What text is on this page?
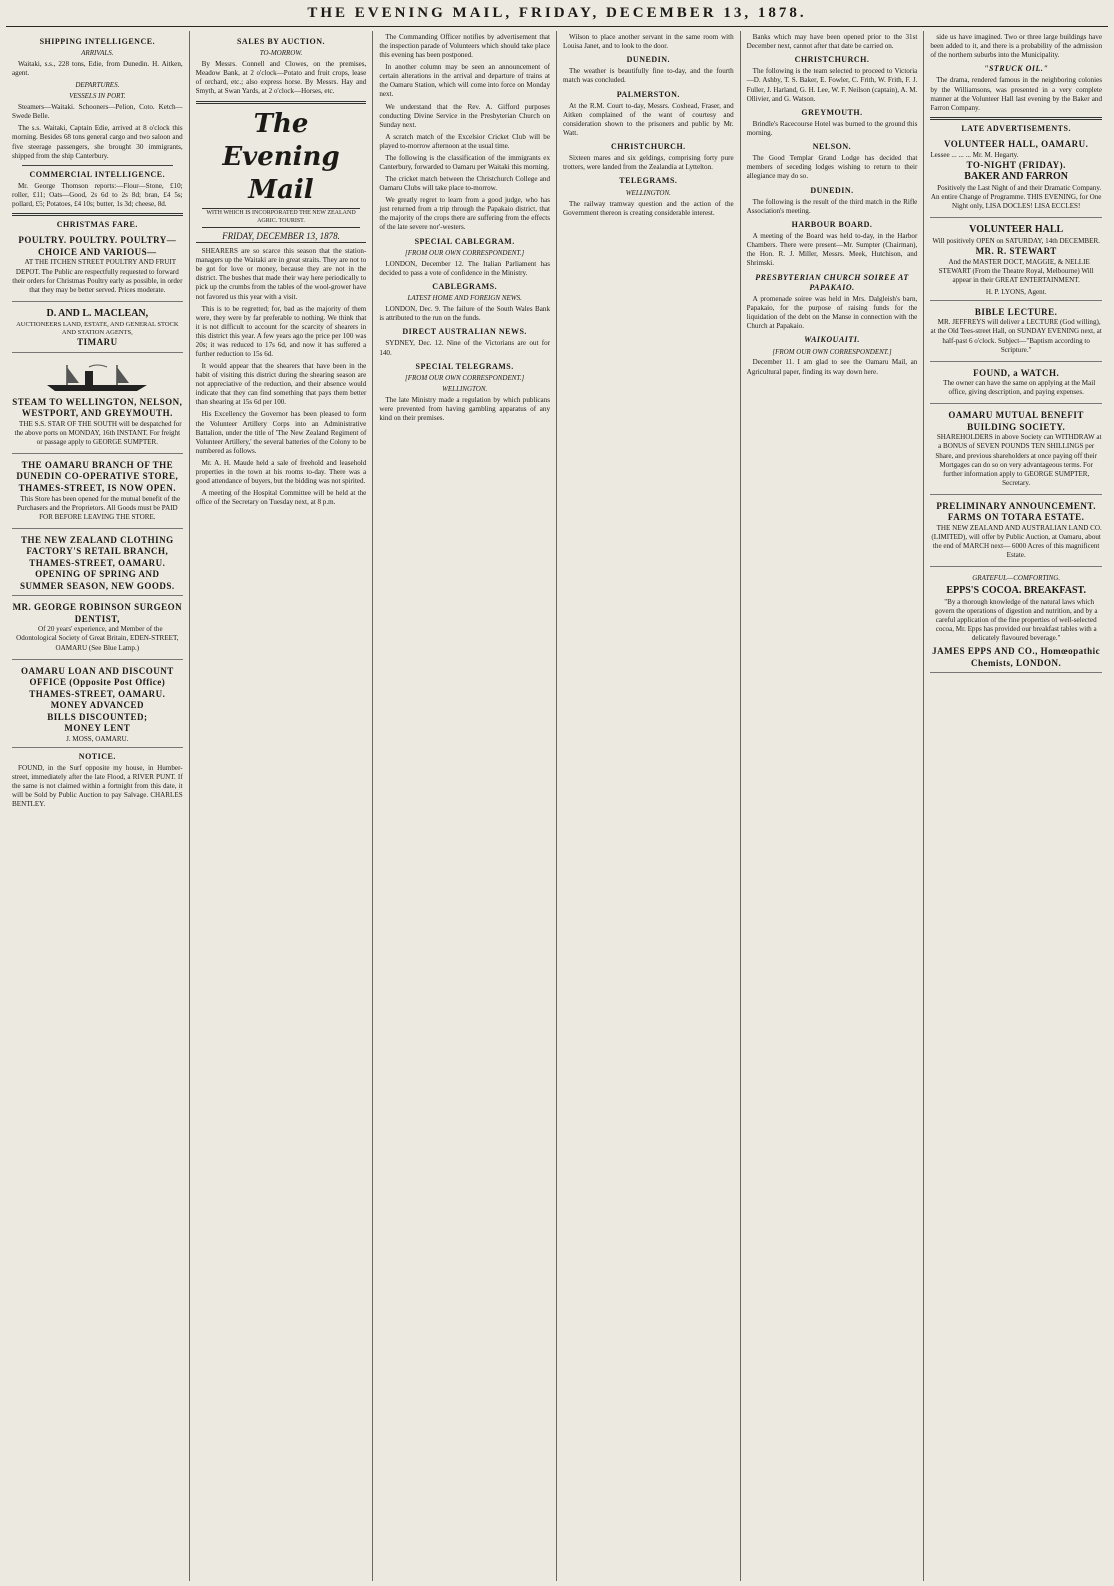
THE EVENING MAIL, FRIDAY, DECEMBER 13, 1878.
SHIPPING INTELLIGENCE.
ARRIVALS.

Waitaki, s.s., 228 tons, Edie, from Dunedin. H. Aitken, agent.

DEPARTURES.
VESSELS IN PORT.

Steamers—Waitaki. Schooners—Pelion, Coto. Ketch—Swede Belle.

The s.s. Waitaki, Captain Edie, arrived at 8 o'clock this morning. Besides 68 tons general cargo and two saloon and five steerage passengers, she brought 30 immigrants, shipped from the ship Canterbury.

COMMERCIAL INTELLIGENCE.

Mr. George Thomson reports:—Flour—Stone, £10; roller, £11; Oats—Good, 2s 6d to 2s 8d; bran, £4 5s; pollard, £5; Potatoes, £4 10s; butter, 1s 3d; cheese, 8d.

CHRISTMAS FARE.
POULTRY. POULTRY. POULTRY— CHOICE AND VARIOUS—

AT THE ITCHEN STREET POULTRY AND FRUIT DEPOT. The Public are respectfully requested to forward their orders for Christmas Poultry early as possible, in order that they may be better served. Prices moderate.

D. AND L. MACLEAN,
AUCTIONEERS LAND, ESTATE, AND GENERAL STOCK AND STATION AGENTS,
TIMARU
STEAM TO WELLINGTON, NELSON, WESTPORT, AND GREYMOUTH.

THE S.S. STAR OF THE SOUTH will be despatched for the above ports on MONDAY, 16th INSTANT. For freight or passage apply to GEORGE SUMPTER.

THE OAMARU BRANCH OF THE DUNEDIN CO-OPERATIVE STORE, THAMES-STREET, IS NOW OPEN.

This Store has been opened for the mutual benefit of the Purchasers and the Proprietors. All Goods must be PAID FOR BEFORE LEAVING THE STORE.

THE NEW ZEALAND CLOTHING FACTORY'S RETAIL BRANCH, THAMES-STREET, OAMARU.
OPENING OF SPRING AND SUMMER SEASON, NEW GOODS.
MR. GEORGE ROBINSON SURGEON DENTIST,

Of 20 years' experience, and Member of the Odontological Society of Great Britain, EDEN-STREET, OAMARU (See Blue Lamp.)

OAMARU LOAN AND DISCOUNT OFFICE (Opposite Post Office) THAMES-STREET, OAMARU.
MONEY ADVANCED
BILLS DISCOUNTED;
MONEY LENT
J. MOSS, OAMARU.
NOTICE.

FOUND, in the Surf opposite my house, in Humber-street, immediately after the late Flood, a RIVER PUNT. If the same is not claimed within a fortnight from this date, it will be Sold by Public Auction to pay Salvage. CHARLES BENTLEY.

SALES BY AUCTION.
TO-MORROW.

By Messrs. Connell and Clowes, on the premises, Meadow Bank, at 2 o'clock—Potato and fruit crops, lease of orchard, etc.; also express horse. By Messrs. Hay and Smyth, at Swan Yards, at 2 o'clock—Horses, etc.

The Evening Mail
WITH WHICH IS INCORPORATED THE NEW ZEALAND AGRIC. TOURIST.
FRIDAY, DECEMBER 13, 1878.

SHEARERS are so scarce this season that the station-managers up the Waitaki are in great straits. They are not to be got for love or money, because they are not in the district. The bushes that made their way here periodically to pick up the crumbs from the tables of the wool-grower have not favored us this year with a visit.

This is to be regretted; for, bad as the majority of them were, they were by far preferable to nothing. We think that it is not difficult to account for the scarcity of shearers in this district this year. A few years ago the price per 100 was 20s; it was reduced to 17s 6d, and now it has suffered a further reduction to 15s 6d.

It would appear that the shearers that have been in the habit of visiting this district during the shearing season are not appreciative of the reduction, and their absence would indicate that they can find something that pays them better than shearing at 15s 6d per 100.

His Excellency the Governor has been pleased to form the Volunteer Artillery Corps into an Administrative Battalion, under the title of 'The New Zealand Regiment of Volunteer Artillery,' the several batteries of the Colony to be numbered as follows.

Mr. A. H. Maude held a sale of freehold and leasehold properties in the town at his rooms to-day. There was a good attendance of buyers, but the bidding was not spirited.

A meeting of the Hospital Committee will be held at the office of the Secretary on Tuesday next, at 8 p.m.

The Commanding Officer notifies by advertisement that the inspection parade of Volunteers which should take place this evening has been postponed.

In another column may be seen an announcement of certain alterations in the arrival and departure of trains at the Oamaru Station, which will come into force on Monday next.

We understand that the Rev. A. Gifford purposes conducting Divine Service in the Presbyterian Church on Sunday next.

A scratch match of the Excelsior Cricket Club will be played to-morrow afternoon at the usual time.

The following is the classification of the immigrants ex Canterbury, forwarded to Oamaru per Waitaki this morning.

The cricket match between the Christchurch College and Oamaru Clubs will take place to-morrow.

We greatly regret to learn from a good judge, who has just returned from a trip through the Papakaio district, that the majority of the crops there are suffering from the effects of the late severe nor'-westers.

SPECIAL CABLEGRAM.
[FROM OUR OWN CORRESPONDENT.]

LONDON, December 12. The Italian Parliament has decided to pass a vote of confidence in the Ministry.

CABLEGRAMS.
LATEST HOME AND FOREIGN NEWS.

LONDON, Dec. 9. The failure of the South Wales Bank is attributed to the run on the funds.

DIRECT AUSTRALIAN NEWS.

SYDNEY, Dec. 12. Nine of the Victorians are out for 140.

SPECIAL TELEGRAMS.
[FROM OUR OWN CORRESPONDENT.]
WELLINGTON.

The late Ministry made a regulation by which publicans were prevented from having gambling apparatus of any kind on their premises.

Wilson to place another servant in the same room with Louisa Janet, and to look to the door.

DUNEDIN.

The weather is beautifully fine to-day, and the fourth match was concluded.

PALMERSTON.

At the R.M. Court to-day, Messrs. Coxhead, Fraser, and Aitken complained of the want of courtesy and consideration shown to the prisoners and public by Mr. Watt.

CHRISTCHURCH.

Sixteen mares and six geldings, comprising forty pure trotters, were landed from the Zealandia at Lyttelton.

TELEGRAMS.
WELLINGTON.

The railway tramway question and the action of the Government thereon is creating considerable interest.

Banks which may have been opened prior to the 31st December next, cannot after that date be carried on.

CHRISTCHURCH.

The following is the team selected to proceed to Victoria—D. Ashby, T. S. Baker, E. Fowler, C. Frith, W. Frith, F. J. Fuller, J. Harland, G. H. Lee, W. F. Neilson (captain), A. M. Ollivier, and G. Watson.

GREYMOUTH.

Brindle's Racecourse Hotel was burned to the ground this morning.

NELSON.

The Good Templar Grand Lodge has decided that members of seceding lodges wishing to return to their allegiance may do so.

DUNEDIN.

The following is the result of the third match in the Rifle Association's meeting.

HARBOUR BOARD.

A meeting of the Board was held to-day, in the Harbor Chambers. There were present—Mr. Sumpter (Chairman), the Hon. R. J. Miller, Messrs. Meek, Hutchison, and Shrimski.

PRESBYTERIAN CHURCH SOIREE AT PAPAKAIO.

A promenade soiree was held in Mrs. Dalgleish's barn, Papakaio, for the purpose of raising funds for the liquidation of the debt on the Manse in connection with the Church at Papakaio.

WAIKOUAITI.
[FROM OUR OWN CORRESPONDENT.]

December 11. I am glad to see the Oamaru Mail, an Agricultural paper, finding its way down here.

side us have imagined. Two or three large buildings have been added to it, and there is a probability of the admission of the northern suburbs into the Municipality.

"STRUCK OIL."

The drama, rendered famous in the neighboring colonies by the Williamsons, was presented in a very complete manner at the Volunteer Hall last evening by the Baker and Farron Company.

LATE ADVERTISEMENTS.
VOLUNTEER HALL, OAMARU.
Lessee ... ... ... Mr. M. Hegarty.
TO-NIGHT (FRIDAY).
BAKER AND FARRON

Positively the Last Night of and their Dramatic Company. An entire Change of Programme. THIS EVENING, for One Night only, LISA DOCLES! LISA ECCLES!

VOLUNTEER HALL
Will positively OPEN on SATURDAY, 14th DECEMBER.
MR. R. STEWART

And the MASTER DOCT, MAGGIE, & NELLIE STEWART (From the Theatre Royal, Melbourne) Will appear in their GREAT ENTERTAINMENT.

H. P. LYONS, Agent.
BIBLE LECTURE.

MR. JEFFREYS will deliver a LECTURE (God willing), at the Old Tees-street Hall, on SUNDAY EVENING next, at half-past 6 o'clock. Subject—"Baptism according to Scripture."

FOUND, a WATCH.

The owner can have the same on applying at the Mail office, giving description, and paying expenses.

OAMARU MUTUAL BENEFIT BUILDING SOCIETY.

SHAREHOLDERS in above Society can WITHDRAW at a BONUS of SEVEN POUNDS TEN SHILLINGS per Share, and previous shareholders at once paying off their Mortgages can do so on very advantageous terms. For further information apply to GEORGE SUMPTER, Secretary.

PRELIMINARY ANNOUNCEMENT.
FARMS ON TOTARA ESTATE.

THE NEW ZEALAND AND AUSTRALIAN LAND CO. (LIMITED), will offer by Public Auction, at Oamaru, about the end of MARCH next— 6000 Acres of this magnificent Estate.

GRATEFUL—COMFORTING.
EPPS'S COCOA. BREAKFAST.

"By a thorough knowledge of the natural laws which govern the operations of digestion and nutrition, and by a careful application of the fine properties of well-selected cocoa, Mr. Epps has provided our breakfast tables with a delicately flavoured beverage."

JAMES EPPS AND CO., Homœopathic Chemists, LONDON.
